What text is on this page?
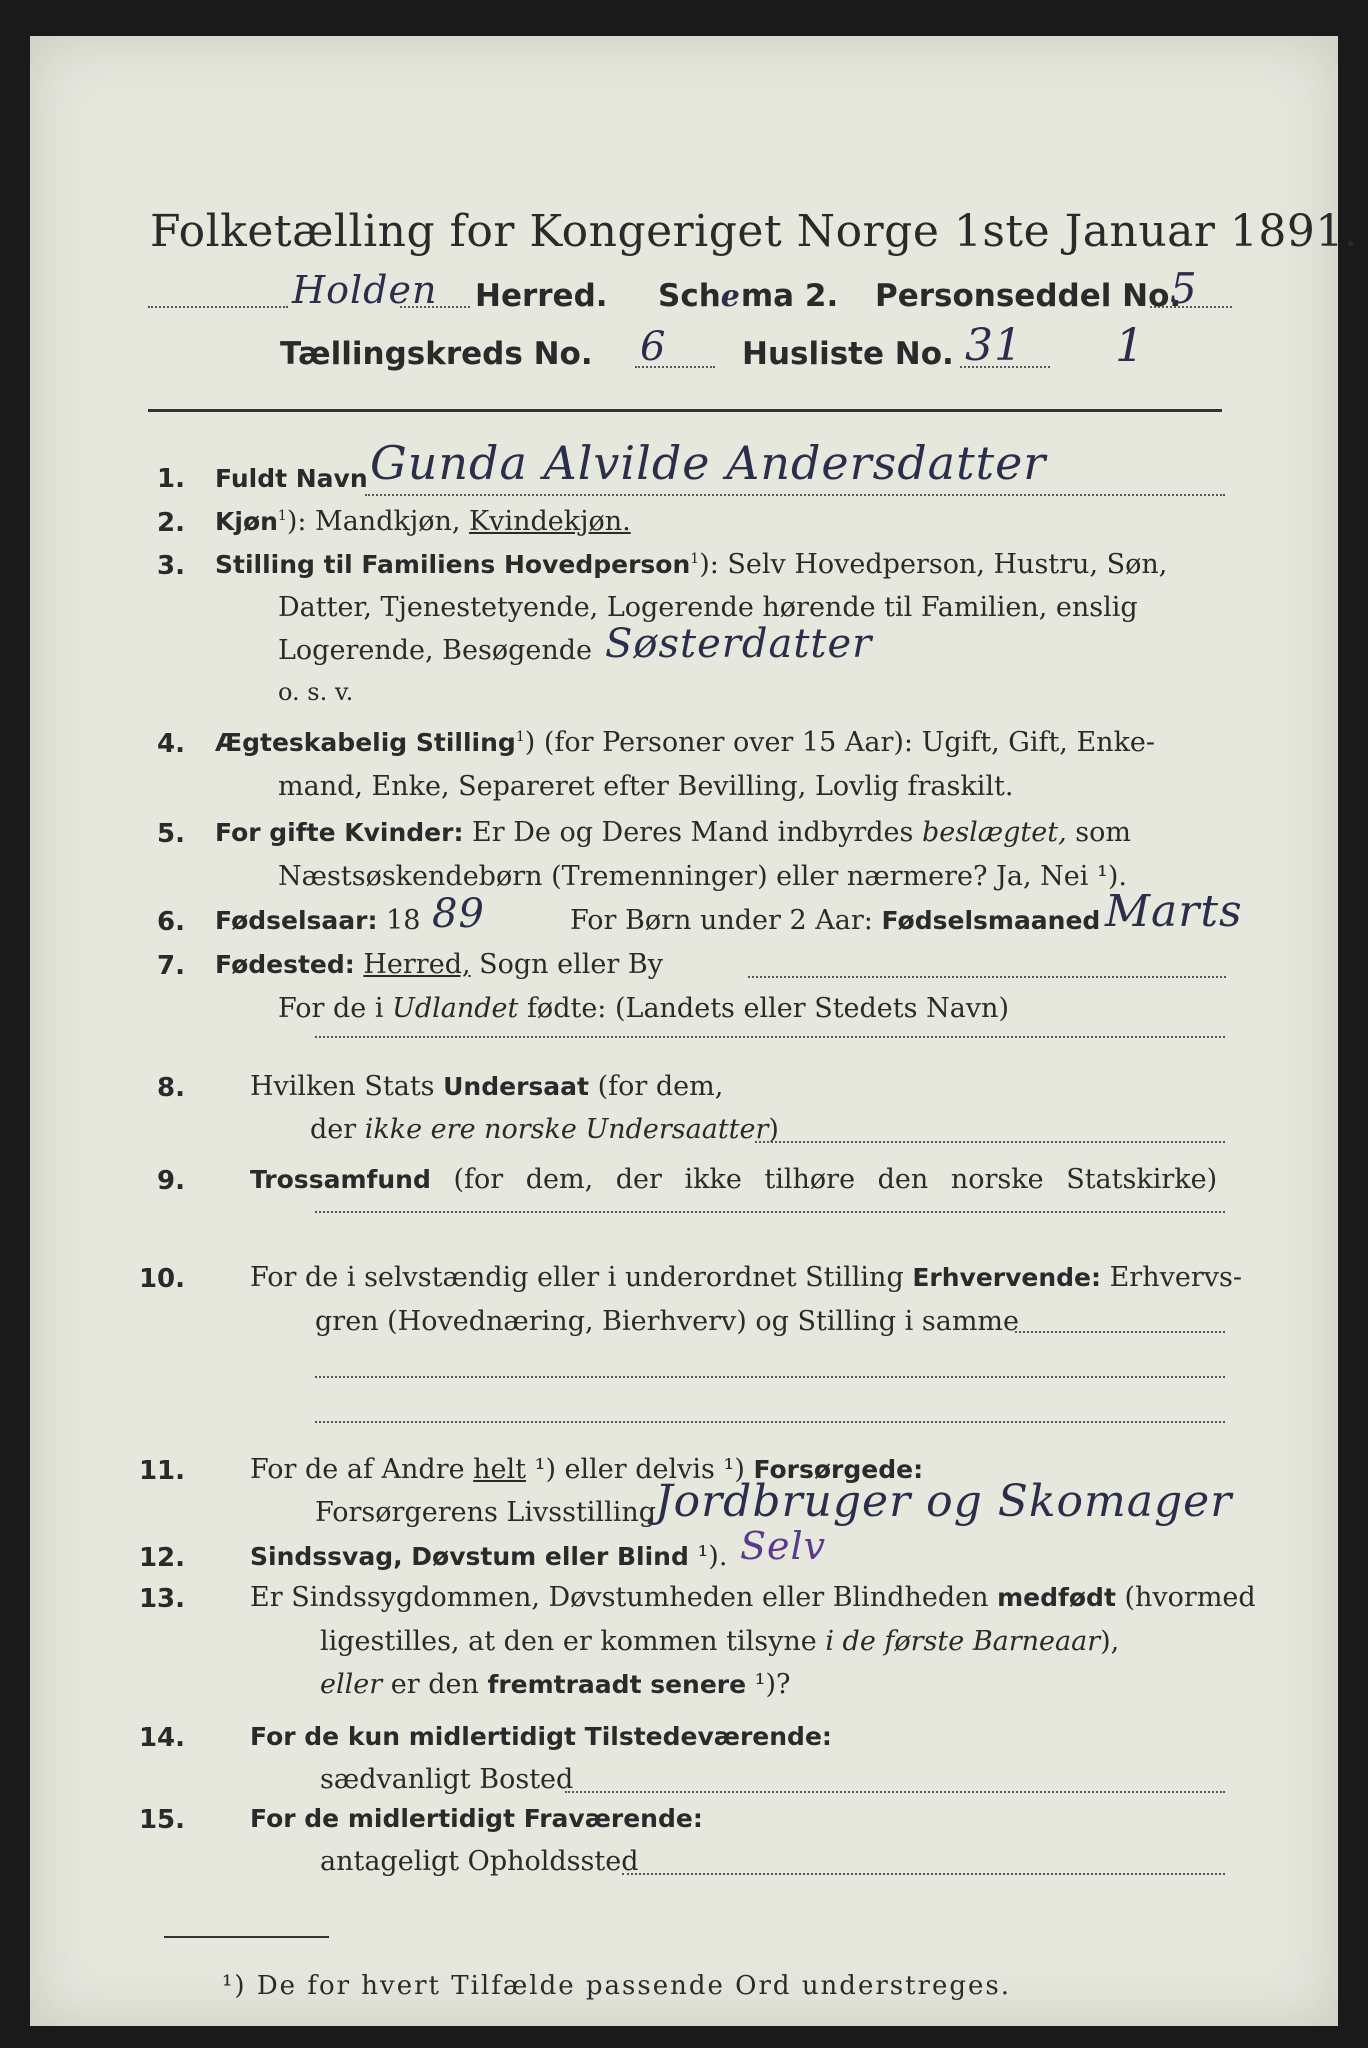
Folketælling for Kongeriget Norge 1ste Januar 1891.
Holden Herred. Schema 2. Personseddel No.
5
Tællingskreds No. 6 Husliste No. 31 1
1. Fuldt Navn Gunda Alvilde Andersdatter
2. Kjøn$^1$): Mandkjøn, Kvindekjøn.
3. Stilling til Familiens Hovedperson$^1$): Selv Hovedperson, Hustru, Søn,
Datter, Tjenestetyende, Logerende hørende til Familien, enslig
Logerende, Besøgende Søsterdatter
o. s. v.
4. Ægteskabelig Stilling$^1$) (for Personer over 15 Aar): Ugift, Gift, Enke-
mand, Enke, Separeret efter Bevilling, Lovlig fraskilt.
5. For gifte Kvinder: Er De og Deres Mand indbyrdes beslægtet, som
Næstsøskendebørn (Tremenninger) eller nærmere? Ja, Nei ¹).
6. Fødselsaar: 18 89	For Børn under 2 Aar: Fødselsmaaned Marts
7. Fødested: Herred, Sogn eller By
For de i Udlandet fødte: (Landets eller Stedets Navn)
8. Hvilken Stats Undersaat (for dem,
der ikke ere norske Undersaatter)
9.	Trossamfund (for dem, der ikke tilhøre den norske Statskirke)
10. For de i selvstændig eller i underordnet Stilling Erhvervende: Erhvervs-
gren (Hovednæring, Bierhverv) og Stilling i samme
11. For de af Andre helt ¹) eller delvis ¹) Forsørgede:
Forsørgerens Livsstilling
Jordbruger og Skomager
12.	Sindssvag, Døvstum eller Blind ¹). Selv
13. Er Sindssygdommen, Døvstumheden eller Blindheden medfødt (hvormed
ligestilles, at den er kommen tilsyne i de første Barneaar),
eller er den fremtraadt senere ¹)?
14.	For de kun midlertidigt Tilstedeværende:
sædvanligt Bosted
15.	For de midlertidigt Fraværende:
antageligt Opholdssted
¹) De for hvert Tilfælde passende Ord understreges.
